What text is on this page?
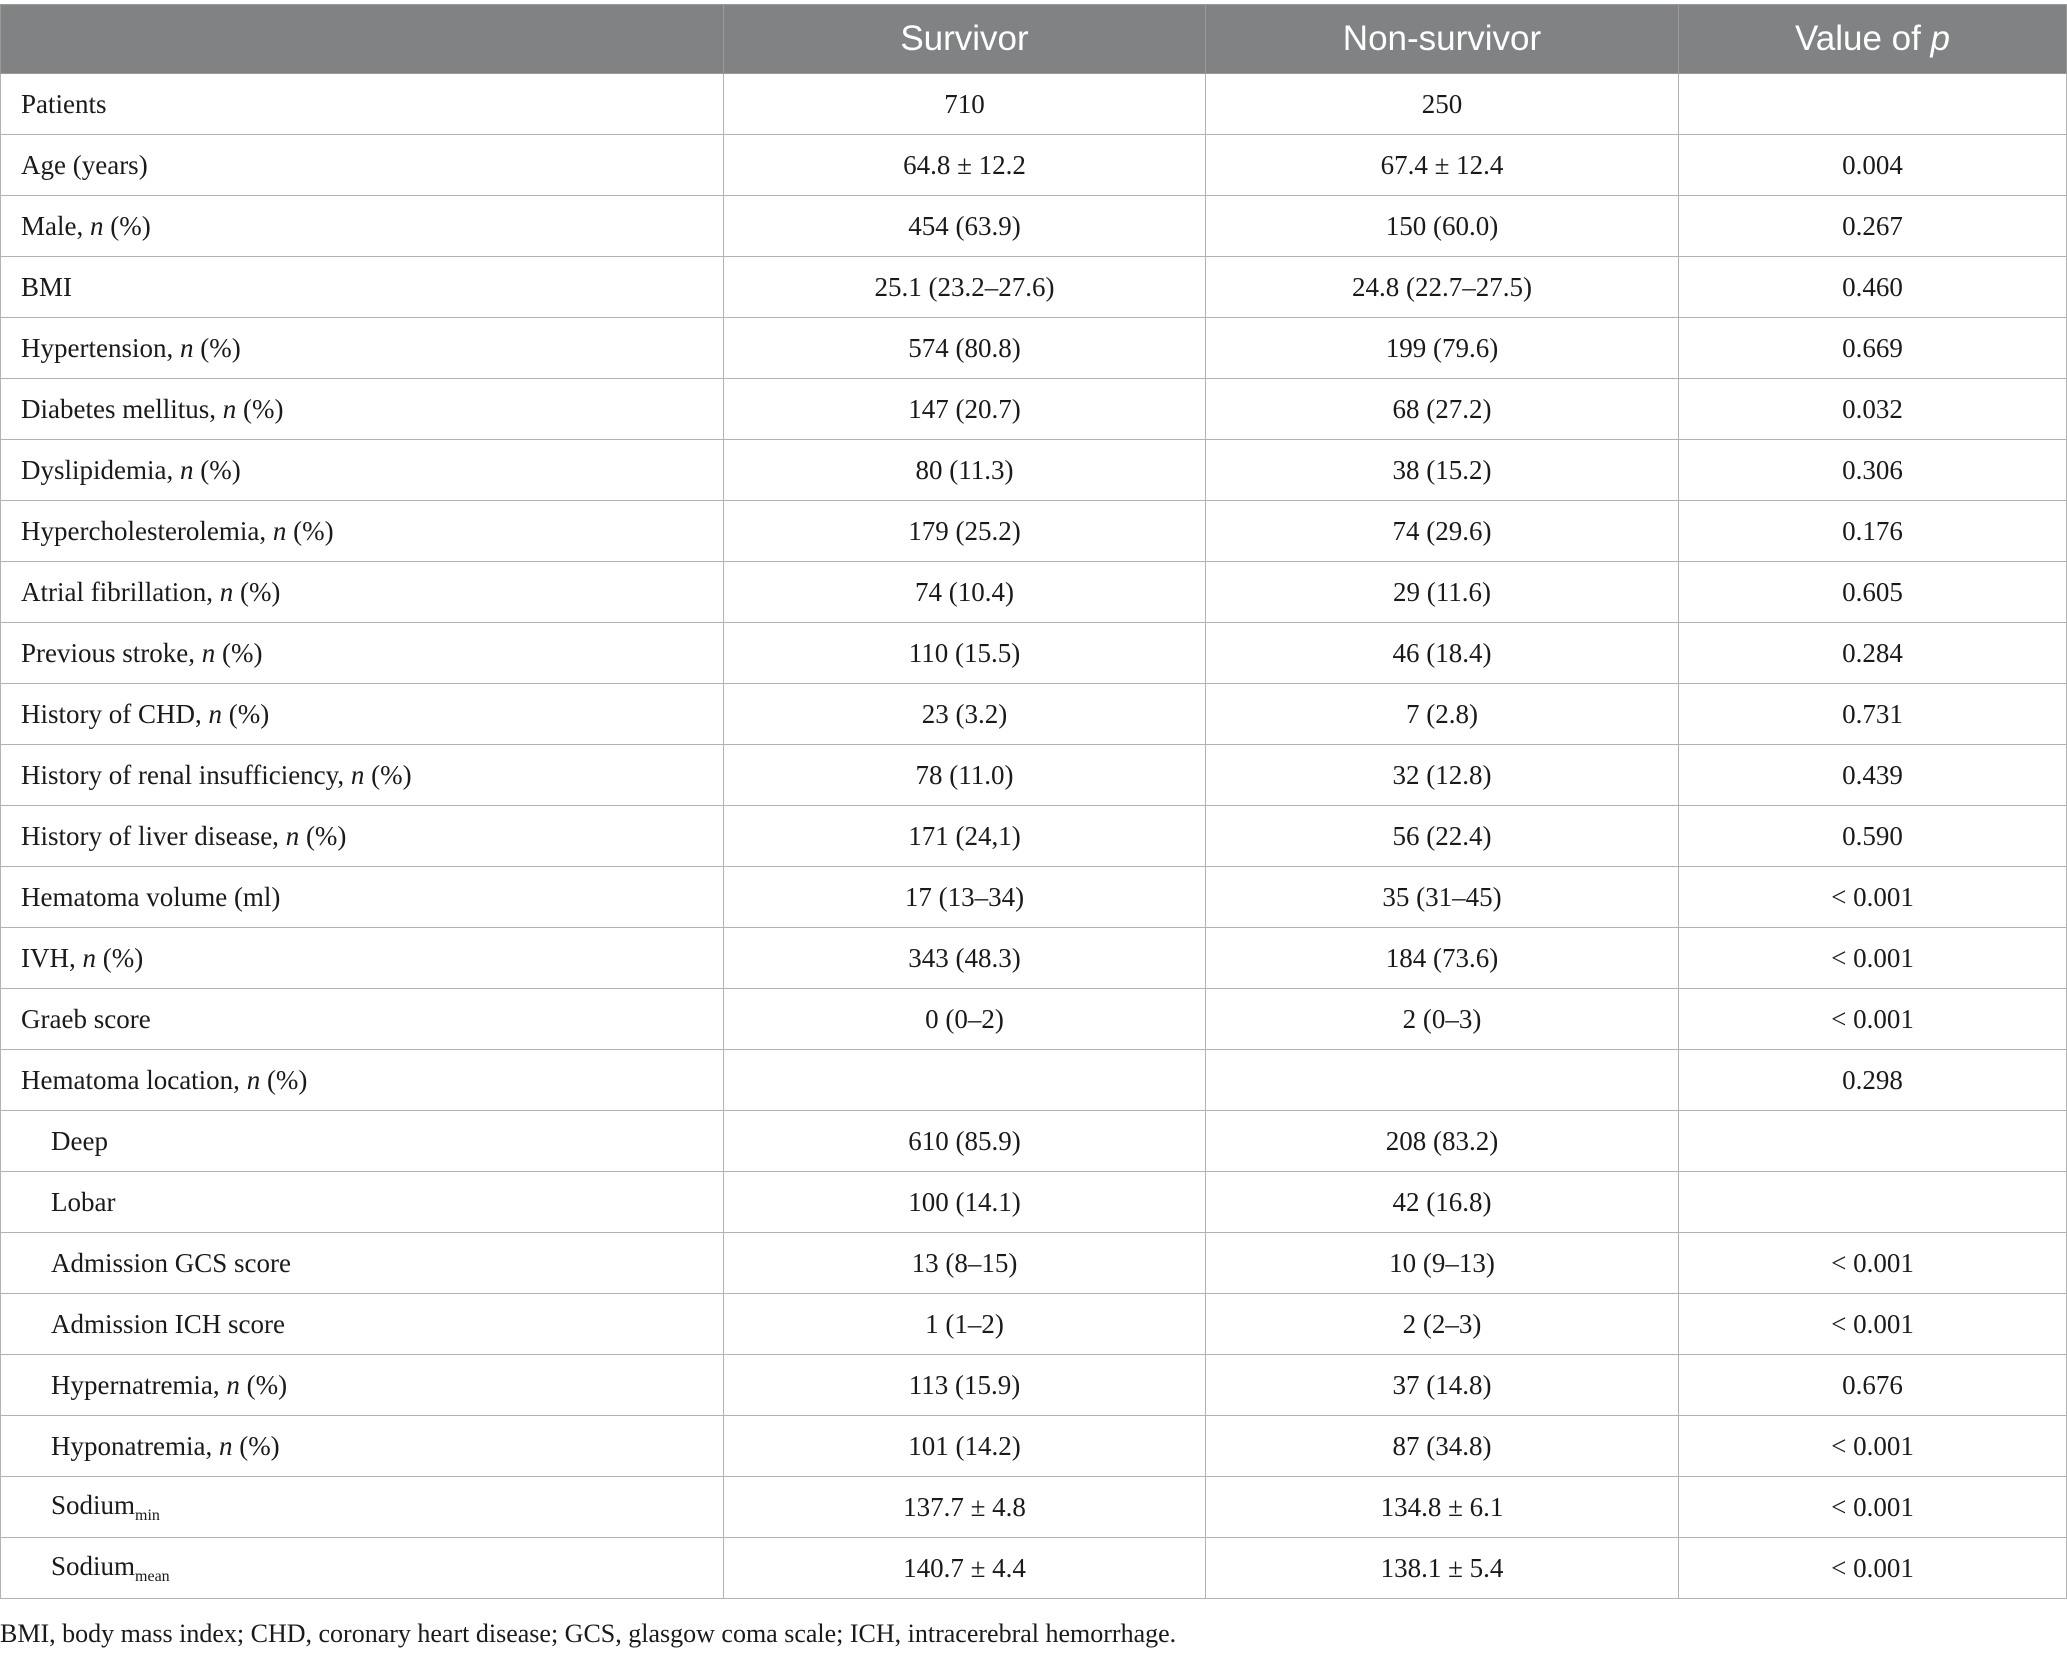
	Survivor	Non-survivor	Value of p
Patients	710	250	
Age (years)	64.8 ± 12.2	67.4 ± 12.4	0.004
Male, n (%)	454 (63.9)	150 (60.0)	0.267
BMI	25.1 (23.2–27.6)	24.8 (22.7–27.5)	0.460
Hypertension, n (%)	574 (80.8)	199 (79.6)	0.669
Diabetes mellitus, n (%)	147 (20.7)	68 (27.2)	0.032
Dyslipidemia, n (%)	80 (11.3)	38 (15.2)	0.306
Hypercholesterolemia, n (%)	179 (25.2)	74 (29.6)	0.176
Atrial fibrillation, n (%)	74 (10.4)	29 (11.6)	0.605
Previous stroke, n (%)	110 (15.5)	46 (18.4)	0.284
History of CHD, n (%)	23 (3.2)	7 (2.8)	0.731
History of renal insufficiency, n (%)	78 (11.0)	32 (12.8)	0.439
History of liver disease, n (%)	171 (24,1)	56 (22.4)	0.590
Hematoma volume (ml)	17 (13–34)	35 (31–45)	< 0.001
IVH, n (%)	343 (48.3)	184 (73.6)	< 0.001
Graeb score	0 (0–2)	2 (0–3)	< 0.001
Hematoma location, n (%)			0.298
Deep	610 (85.9)	208 (83.2)	
Lobar	100 (14.1)	42 (16.8)	
Admission GCS score	13 (8–15)	10 (9–13)	< 0.001
Admission ICH score	1 (1–2)	2 (2–3)	< 0.001
Hypernatremia, n (%)	113 (15.9)	37 (14.8)	0.676
Hyponatremia, n (%)	101 (14.2)	87 (34.8)	< 0.001
Sodium$_{min}$	137.7 ± 4.8	134.8 ± 6.1	< 0.001
Sodium$_{mean}$	140.7 ± 4.4	138.1 ± 5.4	< 0.001
BMI, body mass index; CHD, coronary heart disease; GCS, glasgow coma scale; ICH, intracerebral hemorrhage.
